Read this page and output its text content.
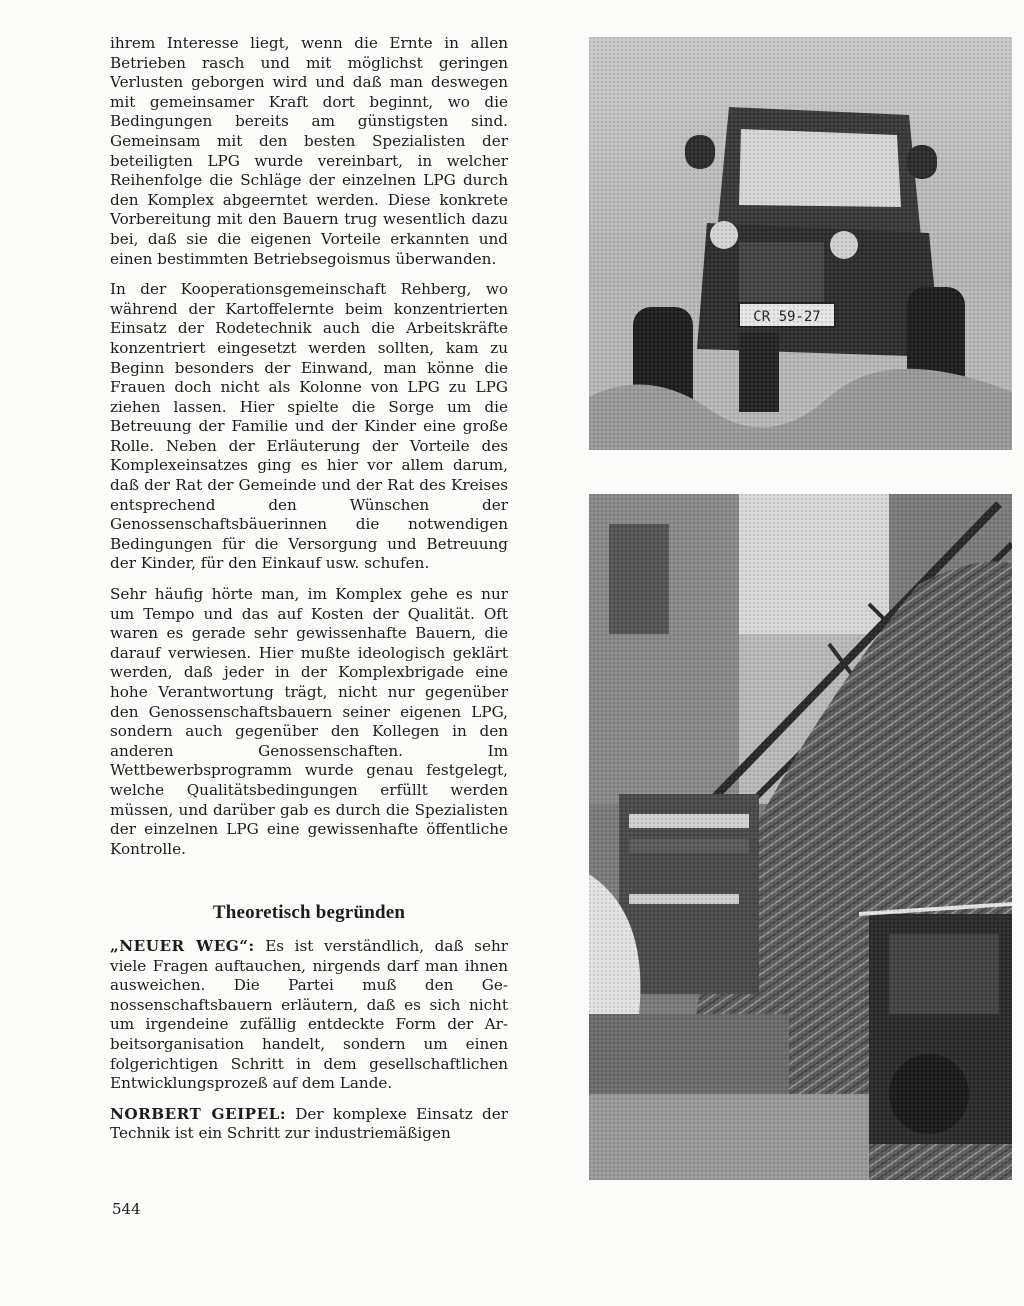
ihrem Interesse liegt, wenn die Ernte in allen Betrieben rasch und mit möglichst geringen Verlusten geborgen wird und daß man deswegen mit gemeinsamer Kraft dort beginnt, wo die Bedingungen bereits am günstigsten sind. Gemeinsam mit den besten Spezialisten der beteiligten LPG wurde vereinbart, in welcher Reihenfolge die Schläge der einzelnen LPG durch den Komplex abgeerntet werden. Diese konkrete Vorbereitung mit den Bauern trug wesentlich dazu bei, daß sie die eigenen Vorteile erkannten und einen bestimmten Betriebsegoismus überwanden.

In der Kooperationsgemeinschaft Rehberg, wo während der Kartoffelernte beim konzentrierten Einsatz der Rodetechnik auch die Arbeitskräfte konzentriert eingesetzt werden sollten, kam zu Beginn besonders der Einwand, man könne die Frauen doch nicht als Kolonne von LPG zu LPG ziehen lassen. Hier spielte die Sorge um die Betreuung der Familie und der Kinder eine große Rolle. Neben der Erläuterung der Vorteile des Komplexeinsatzes ging es hier vor allem darum, daß der Rat der Gemeinde und der Rat des Kreises entsprechend den Wünschen der Genossenschaftsbäuerinnen die notwendigen Bedingungen für die Versorgung und Betreuung der Kinder, für den Einkauf usw. schufen.

Sehr häufig hörte man, im Komplex gehe es nur um Tempo und das auf Kosten der Qualität. Oft waren es gerade sehr gewissenhafte Bauern, die darauf verwiesen. Hier mußte ideologisch geklärt werden, daß jeder in der Komplexbrigade eine hohe Verantwortung trägt, nicht nur gegenüber den Genossenschaftsbauern seiner eigenen LPG, sondern auch gegenüber den Kollegen in den anderen Genossenschaften. Im Wettbewerbsprogramm wurde genau festgelegt, welche Qualitätsbedingungen erfüllt werden müssen, und darüber gab es durch die Spezialisten der einzelnen LPG eine gewissenhafte öffentliche Kontrolle.

Theoretisch begründen

„NEUER WEG“: Es ist verständlich, daß sehr viele Fragen auftauchen, nirgends darf man ihnen ausweichen. Die Partei muß den Genossenschaftsbauern erläutern, daß es sich nicht um irgendeine zufällig entdeckte Form der Arbeitsorganisation handelt, sondern um einen folgerichtigen Schritt in dem gesellschaftlichen Entwicklungsprozeß auf dem Lande.

NORBERT GEIPEL: Der komplexe Einsatz der Technik ist ein Schritt zur industriemäßigen

544
